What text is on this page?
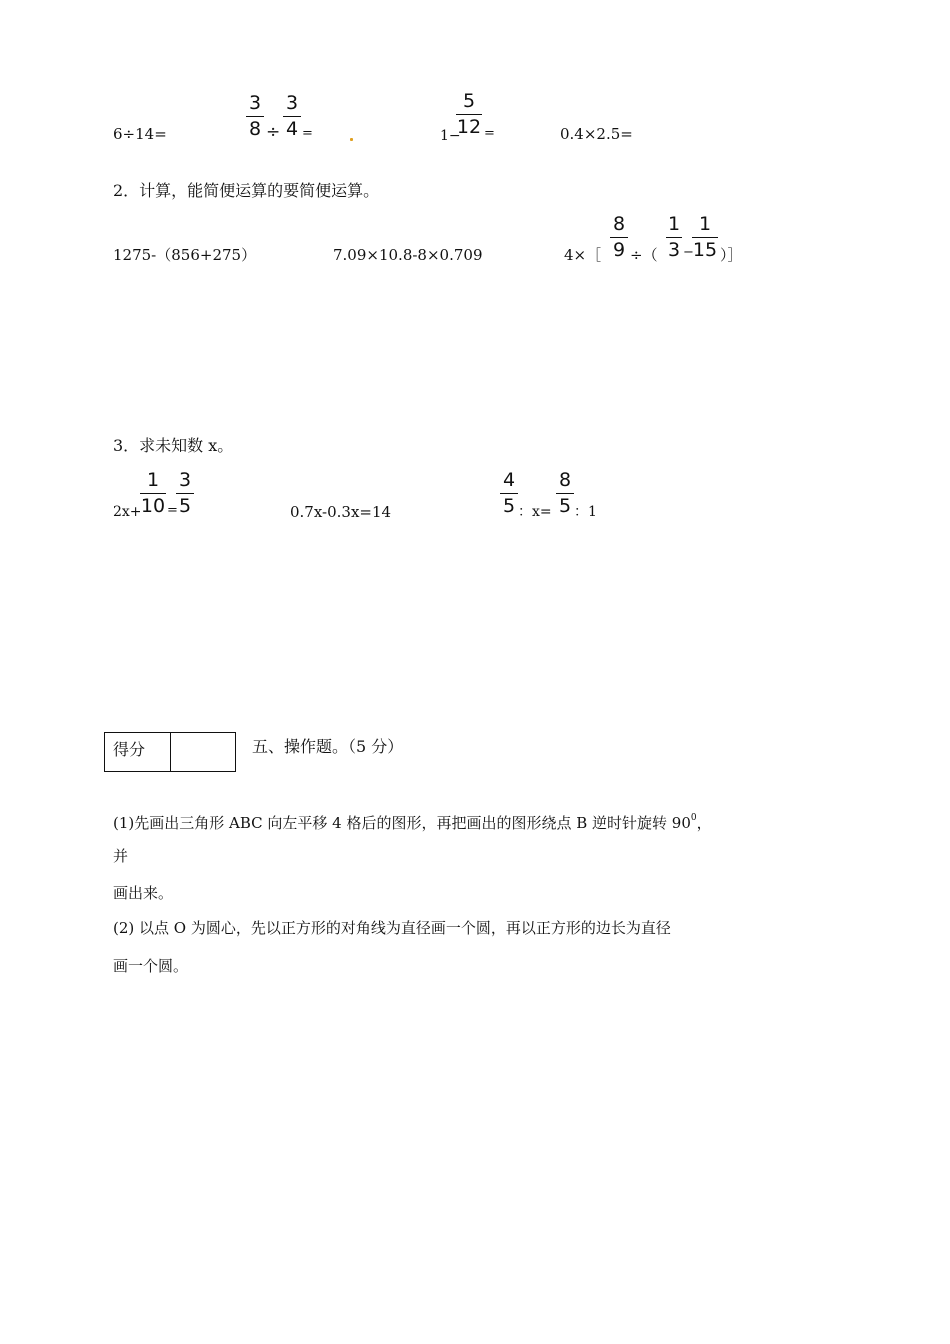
6÷14=
3
8 ÷
3
4 =	1−
5
12 =	0.4×2.5=
2．计算，能简便运算的要简便运算。
1275-（856+275）	7.09×10.8-8×0.709	4×［
8
9 ÷（
1
3 −
1
15 ）］
3．求未知数 x。
2x+
1
10 =
3
5	0.7x-0.3x=14
4
5 ：x=
8
5 ：1
得分	五、操作题。（5 分）
(1)先画出三角形 ABC 向左平移 4 格后的图形，再把画出的图形绕点 B 逆时针旋转 $90^0$，
并
画出来。
(2) 以点 O 为圆心，先以正方形的对角线为直径画一个圆，再以正方形的边长为直径
画一个圆。
